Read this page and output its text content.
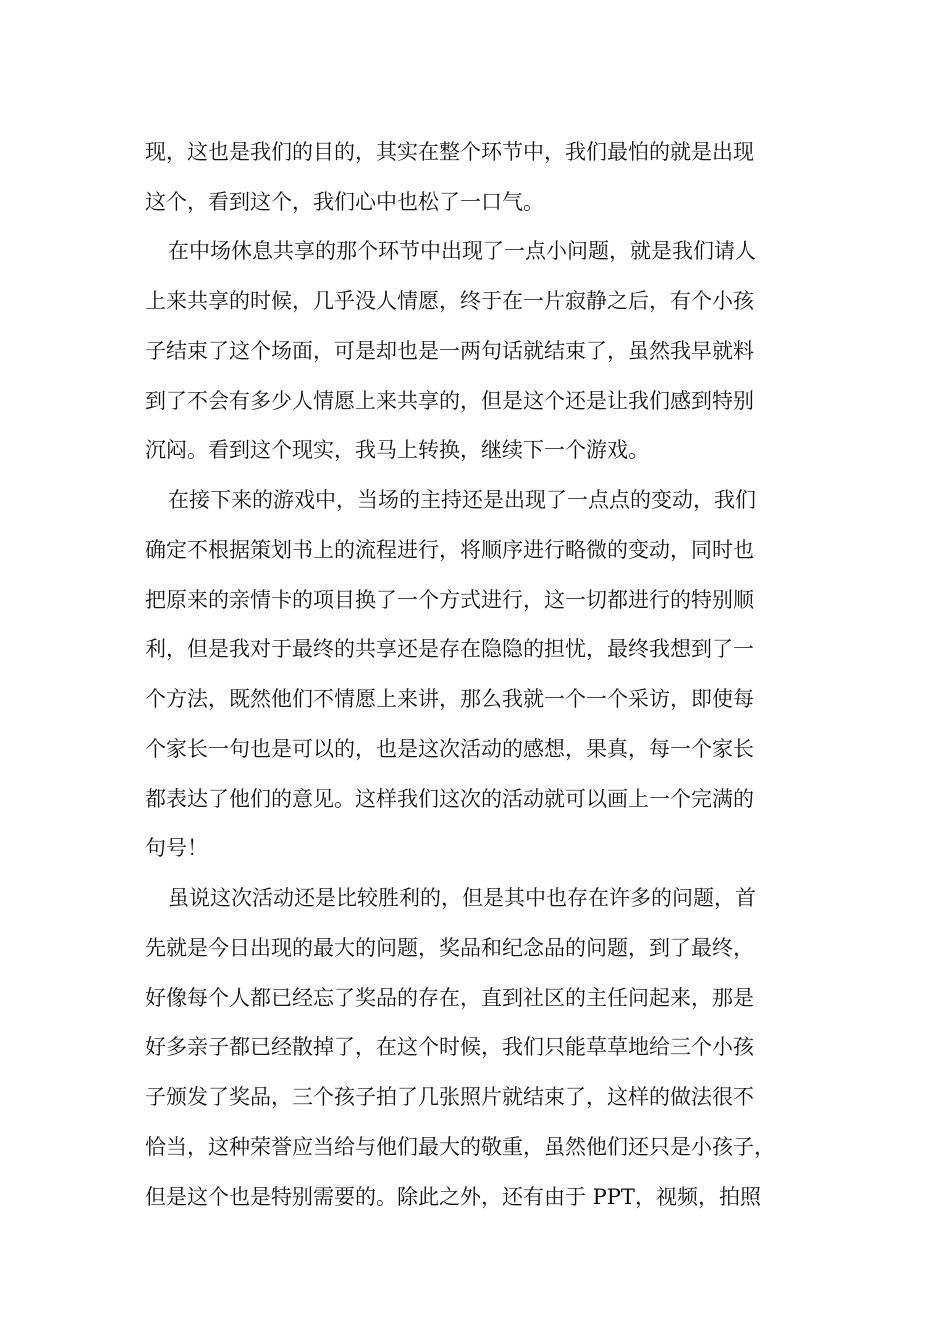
现，这也是我们的目的，其实在整个环节中，我们最怕的就是出现

这个，看到这个，我们心中也松了一口气。

在中场休息共享的那个环节中出现了一点小问题，就是我们请人

上来共享的时候，几乎没人情愿，终于在一片寂静之后，有个小孩

子结束了这个场面，可是却也是一两句话就结束了，虽然我早就料

到了不会有多少人情愿上来共享的，但是这个还是让我们感到特别

沉闷。看到这个现实，我马上转换，继续下一个游戏。

在接下来的游戏中，当场的主持还是出现了一点点的变动，我们

确定不根据策划书上的流程进行，将顺序进行略微的变动，同时也

把原来的亲情卡的项目换了一个方式进行，这一切都进行的特别顺

利，但是我对于最终的共享还是存在隐隐的担忧，最终我想到了一

个方法，既然他们不情愿上来讲，那么我就一个一个采访，即使每

个家长一句也是可以的，也是这次活动的感想，果真，每一个家长

都表达了他们的意见。这样我们这次的活动就可以画上一个完满的

句号！

虽说这次活动还是比较胜利的，但是其中也存在许多的问题，首

先就是今日出现的最大的问题，奖品和纪念品的问题，到了最终，

好像每个人都已经忘了奖品的存在，直到社区的主任问起来，那是

好多亲子都已经散掉了，在这个时候，我们只能草草地给三个小孩

子颁发了奖品，三个孩子拍了几张照片就结束了，这样的做法很不

恰当，这种荣誉应当给与他们最大的敬重，虽然他们还只是小孩子，

但是这个也是特别需要的。除此之外，还有由于 PPT，视频，拍照
